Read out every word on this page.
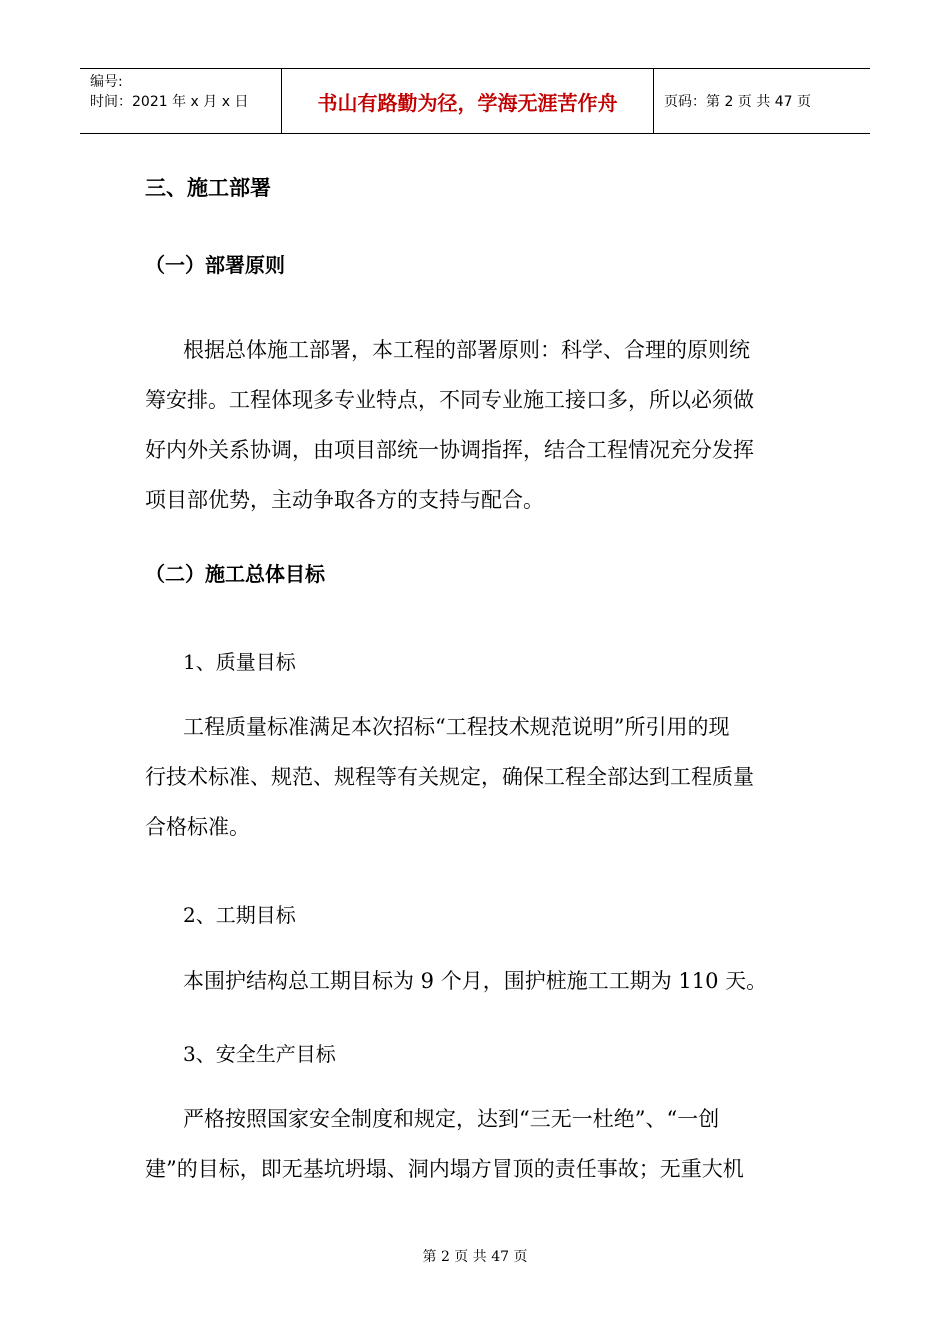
编号:
时间：2021 年 x 月 x 日	书山有路勤为径，学海无涯苦作舟	页码：第 2 页 共 47 页
三、施工部署
（一）部署原则
根据总体施工部署，本工程的部署原则：科学、合理的原则统
筹安排。工程体现多专业特点，不同专业施工接口多，所以必须做
好内外关系协调，由项目部统一协调指挥，结合工程情况充分发挥
项目部优势，主动争取各方的支持与配合。
（二）施工总体目标
1、质量目标
工程质量标准满足本次招标“工程技术规范说明”所引用的现
行技术标准、规范、规程等有关规定，确保工程全部达到工程质量
合格标准。
2、工期目标
本围护结构总工期目标为 9 个月，围护桩施工工期为 110 天。
3、安全生产目标
严格按照国家安全制度和规定，达到“三无一杜绝”、“一创
建”的目标，即无基坑坍塌、洞内塌方冒顶的责任事故；无重大机
第 2 页 共 47 页
